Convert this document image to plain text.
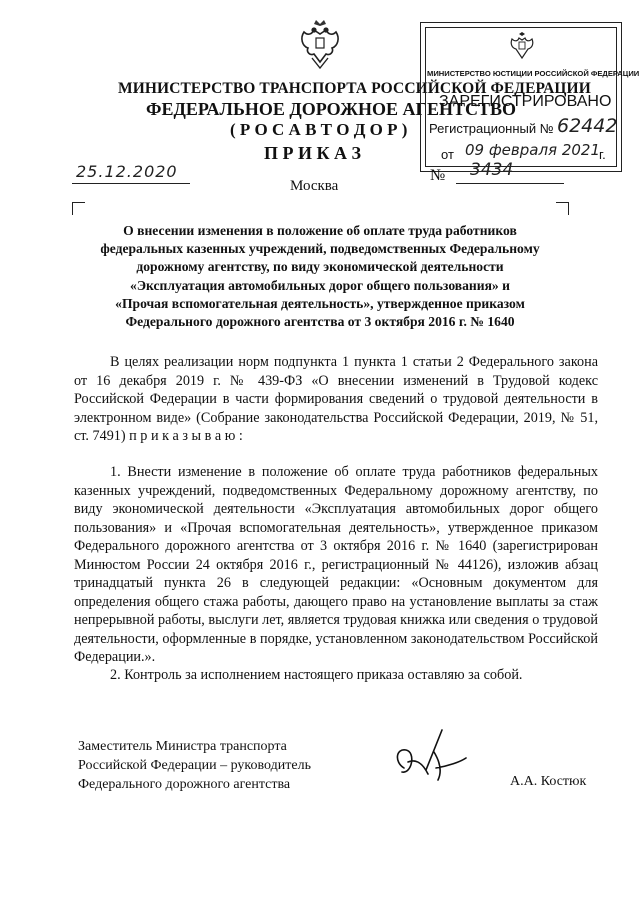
МИНИСТЕРСТВО ТРАНСПОРТА РОССИЙСКОЙ ФЕДЕРАЦИИ
ФЕДЕРАЛЬНОЕ ДОРОЖНОЕ АГЕНТСТВО
( Р О С А В Т О Д О Р )
П Р И К А З
МИНИСТЕРСТВО ЮСТИЦИИ РОССИЙСКОЙ ФЕДЕРАЦИИ
ЗАРЕГИСТРИРОВАНО
Регистрационный № 62442
от 09 февраля 2021
г.
25.12.2020
Москва
№ 3434
О внесении изменения в положение об оплате труда работников
федеральных казенных учреждений, подведомственных Федеральному
дорожному агентству, по виду экономической деятельности
«Эксплуатация автомобильных дорог общего пользования» и
«Прочая вспомогательная деятельность», утвержденное приказом
Федерального дорожного агентства от 3 октября 2016 г. № 1640
В целях реализации норм подпункта 1 пункта 1 статьи 2 Федерального закона от 16 декабря 2019 г. № 439-ФЗ «О внесении изменений в Трудовой кодекс Российской Федерации в части формирования сведений о трудовой деятельности в электронном виде» (Собрание законодательства Российской Федерации, 2019, № 51, ст. 7491) п р и к а з ы в а ю :
1. Внести изменение в положение об оплате труда работников федеральных казенных учреждений, подведомственных Федеральному дорожному агентству, по виду экономической деятельности «Эксплуатация автомобильных дорог общего пользования» и «Прочая вспомогательная деятельность», утвержденное приказом Федерального дорожного агентства от 3 октября 2016 г. № 1640 (зарегистрирован Минюстом России 24 октября 2016 г., регистрационный № 44126), изложив абзац тринадцатый пункта 26 в следующей редакции: «Основным документом для определения общего стажа работы, дающего право на установление выплаты за стаж непрерывной работы, выслуги лет, является трудовая книжка или сведения о трудовой деятельности, оформленные в порядке, установленном законодательством Российской Федерации.».
2. Контроль за исполнением настоящего приказа оставляю за собой.
Заместитель Министра транспорта
Российской Федерации – руководитель
Федерального дорожного агентства	А.А. Костюк
